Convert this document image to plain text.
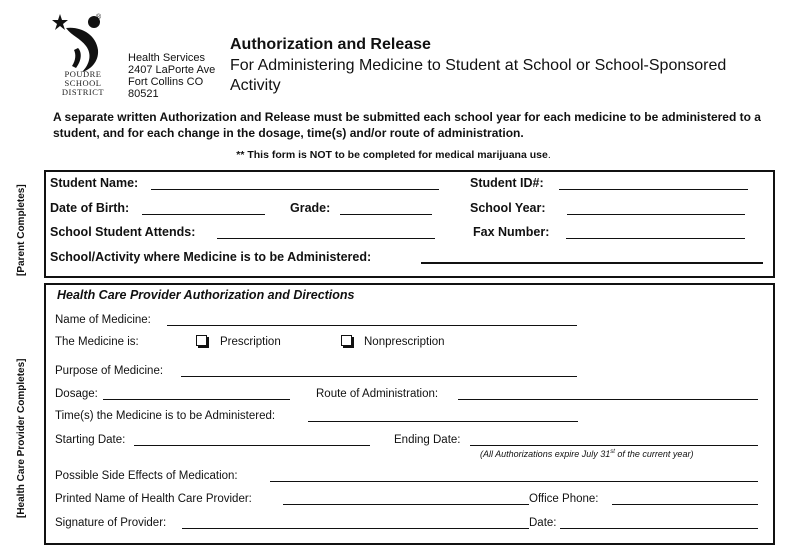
®
POUDRE
SCHOOL
DISTRICT
Health Services
2407 LaPorte Ave
Fort Collins CO
80521
Authorization and Release
For Administering Medicine to Student at School or School-Sponsored Activity
A separate written Authorization and Release must be submitted each school year for each medicine to be administered to a student, and for each change in the dosage, time(s) and/or route of administration.
** This form is NOT to be completed for medical marijuana use.
[Parent Completes]
Student Name:	Student ID#:
Date of Birth:	Grade:	School Year:
School Student Attends:	Fax Number:
School/Activity where Medicine is to be Administered:
[Health Care Provider Completes]
Health Care Provider Authorization and Directions
Name of Medicine:
The Medicine is:	Prescription	Nonprescription
Purpose of Medicine:
Dosage:	Route of Administration:
Time(s) the Medicine is to be Administered:
Starting Date:	Ending Date:
(All Authorizations expire July 31st of the current year)
Possible Side Effects of Medication:
Printed Name of Health Care Provider:	Office Phone:
Signature of Provider:	Date:
